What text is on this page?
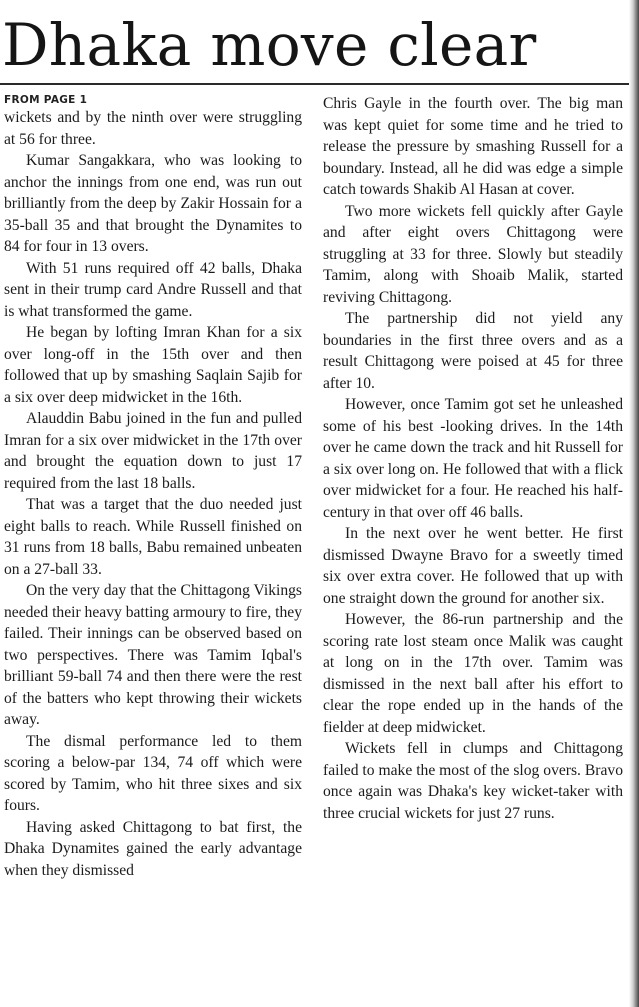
Dhaka move clear
FROM PAGE 1

wickets and by the ninth over were struggling at 56 for three.

Kumar Sangakkara, who was looking to anchor the innings from one end, was run out brilliantly from the deep by Zakir Hossain for a 35-ball 35 and that brought the Dynamites to 84 for four in 13 overs.

With 51 runs required off 42 balls, Dhaka sent in their trump card Andre Russell and that is what transformed the game.

He began by lofting Imran Khan for a six over long-off in the 15th over and then followed that up by smashing Saqlain Sajib for a six over deep midwicket in the 16th.

Alauddin Babu joined in the fun and pulled Imran for a six over midwicket in the 17th over and brought the equation down to just 17 required from the last 18 balls.

That was a target that the duo needed just eight balls to reach. While Russell finished on 31 runs from 18 balls, Babu remained unbeaten on a 27-ball 33.

On the very day that the Chittagong Vikings needed their heavy batting armoury to fire, they failed. Their innings can be observed based on two perspectives. There was Tamim Iqbal's brilliant 59-ball 74 and then there were the rest of the batters who kept throwing their wickets away.

The dismal performance led to them scoring a below-par 134, 74 off which were scored by Tamim, who hit three sixes and six fours.

Having asked Chittagong to bat first, the Dhaka Dynamites gained the early advantage when they dismissed

Chris Gayle in the fourth over. The big man was kept quiet for some time and he tried to release the pressure by smashing Russell for a boundary. Instead, all he did was edge a simple catch towards Shakib Al Hasan at cover.

Two more wickets fell quickly after Gayle and after eight overs Chittagong were struggling at 33 for three. Slowly but steadily Tamim, along with Shoaib Malik, started reviving Chittagong.

The partnership did not yield any boundaries in the first three overs and as a result Chittagong were poised at 45 for three after 10.

However, once Tamim got set he unleashed some of his best -looking drives. In the 14th over he came down the track and hit Russell for a six over long on. He followed that with a flick over midwicket for a four. He reached his half-century in that over off 46 balls.

In the next over he went better. He first dismissed Dwayne Bravo for a sweetly timed six over extra cover. He followed that up with one straight down the ground for another six.

However, the 86-run partnership and the scoring rate lost steam once Malik was caught at long on in the 17th over. Tamim was dismissed in the next ball after his effort to clear the rope ended up in the hands of the fielder at deep midwicket.

Wickets fell in clumps and Chittagong failed to make the most of the slog overs. Bravo once again was Dhaka's key wicket-taker with three crucial wickets for just 27 runs.
